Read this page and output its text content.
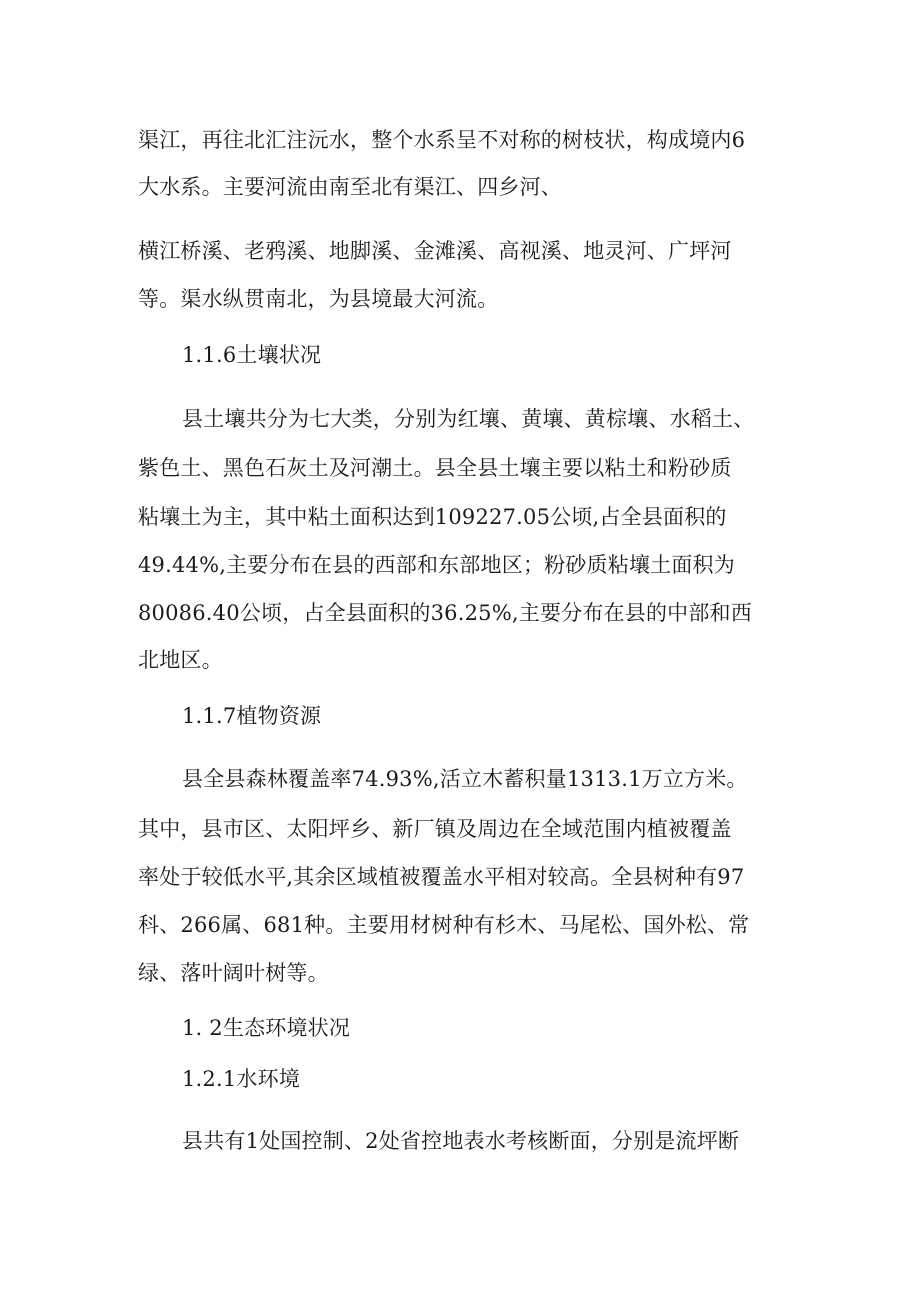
渠江，再往北汇注沅水，整个水系呈不对称的树枝状，构成境内6
大水系。主要河流由南至北有渠江、四乡河、
横江桥溪、老鸦溪、地脚溪、金滩溪、高视溪、地灵河、广坪河
等。渠水纵贯南北，为县境最大河流。
1.1.6土壤状况
县土壤共分为七大类，分别为红壤、黄壤、黄棕壤、水稻土、
紫色土、黑色石灰土及河潮土。县全县土壤主要以粘土和粉砂质
粘壤土为主，其中粘土面积达到109227.05公顷,占全县面积的
49.44%,主要分布在县的西部和东部地区；粉砂质粘壤土面积为
80086.40公顷，占全县面积的36.25%,主要分布在县的中部和西
北地区。
1.1.7植物资源
县全县森林覆盖率74.93%,活立木蓄积量1313.1万立方米。
其中，县市区、太阳坪乡、新厂镇及周边在全域范围内植被覆盖
率处于较低水平,其余区域植被覆盖水平相对较高。全县树种有97
科、266属、681种。主要用材树种有杉木、马尾松、国外松、常
绿、落叶阔叶树等。
1. 2生态环境状况
1.2.1水环境
县共有1处国控制、2处省控地表水考核断面，分别是流坪断
